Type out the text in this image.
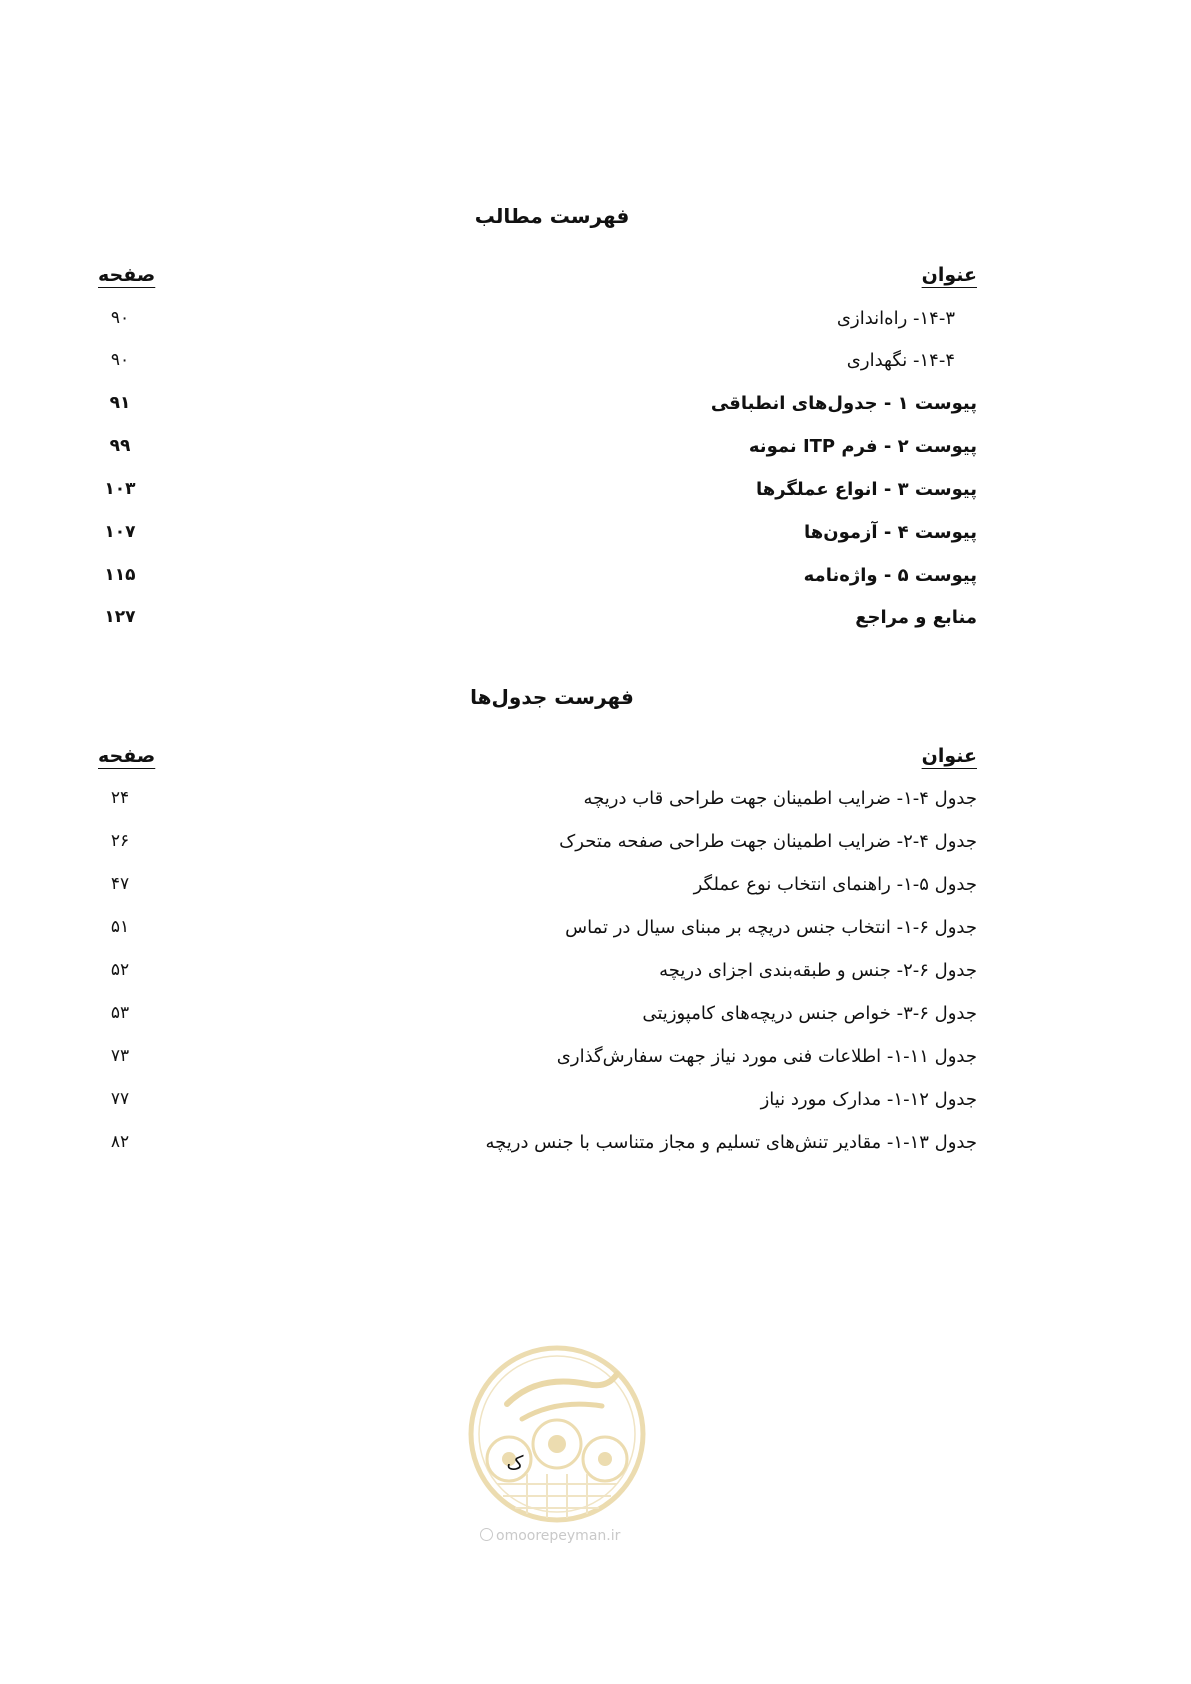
فهرست مطالب
عنوان
صفحه
۱۴-۳- راه‌اندازی
۹۰
۱۴-۴- نگهداری
۹۰
پیوست ۱ - جدول‌های انطباقی
۹۱
پیوست ۲ - فرم ITP نمونه
۹۹
پیوست ۳ - انواع عملگرها
۱۰۳
پیوست ۴ - آزمون‌ها
۱۰۷
پیوست ۵ - واژه‌نامه
۱۱۵
منابع و مراجع
۱۲۷
فهرست جدول‌ها
عنوان
صفحه
جدول ۴-۱- ضرایب اطمینان جهت طراحی قاب دریچه
۲۴
جدول ۴-۲- ضرایب اطمینان جهت طراحی صفحه متحرک
۲۶
جدول ۵-۱- راهنمای انتخاب نوع عملگر
۴۷
جدول ۶-۱- انتخاب جنس دریچه بر مبنای سیال در تماس
۵۱
جدول ۶-۲- جنس و طبقه‌بندی اجزای دریچه
۵۲
جدول ۶-۳- خواص جنس دریچه‌های کامپوزیتی
۵۳
جدول ۱۱-۱- اطلاعات فنی مورد نیاز جهت سفارش‌گذاری
۷۳
جدول ۱۲-۱- مدارک مورد نیاز
۷۷
جدول ۱۳-۱- مقادیر تنش‌های تسلیم و مجاز متناسب با جنس دریچه
۸۲
ک
omoorepeyman.ir
